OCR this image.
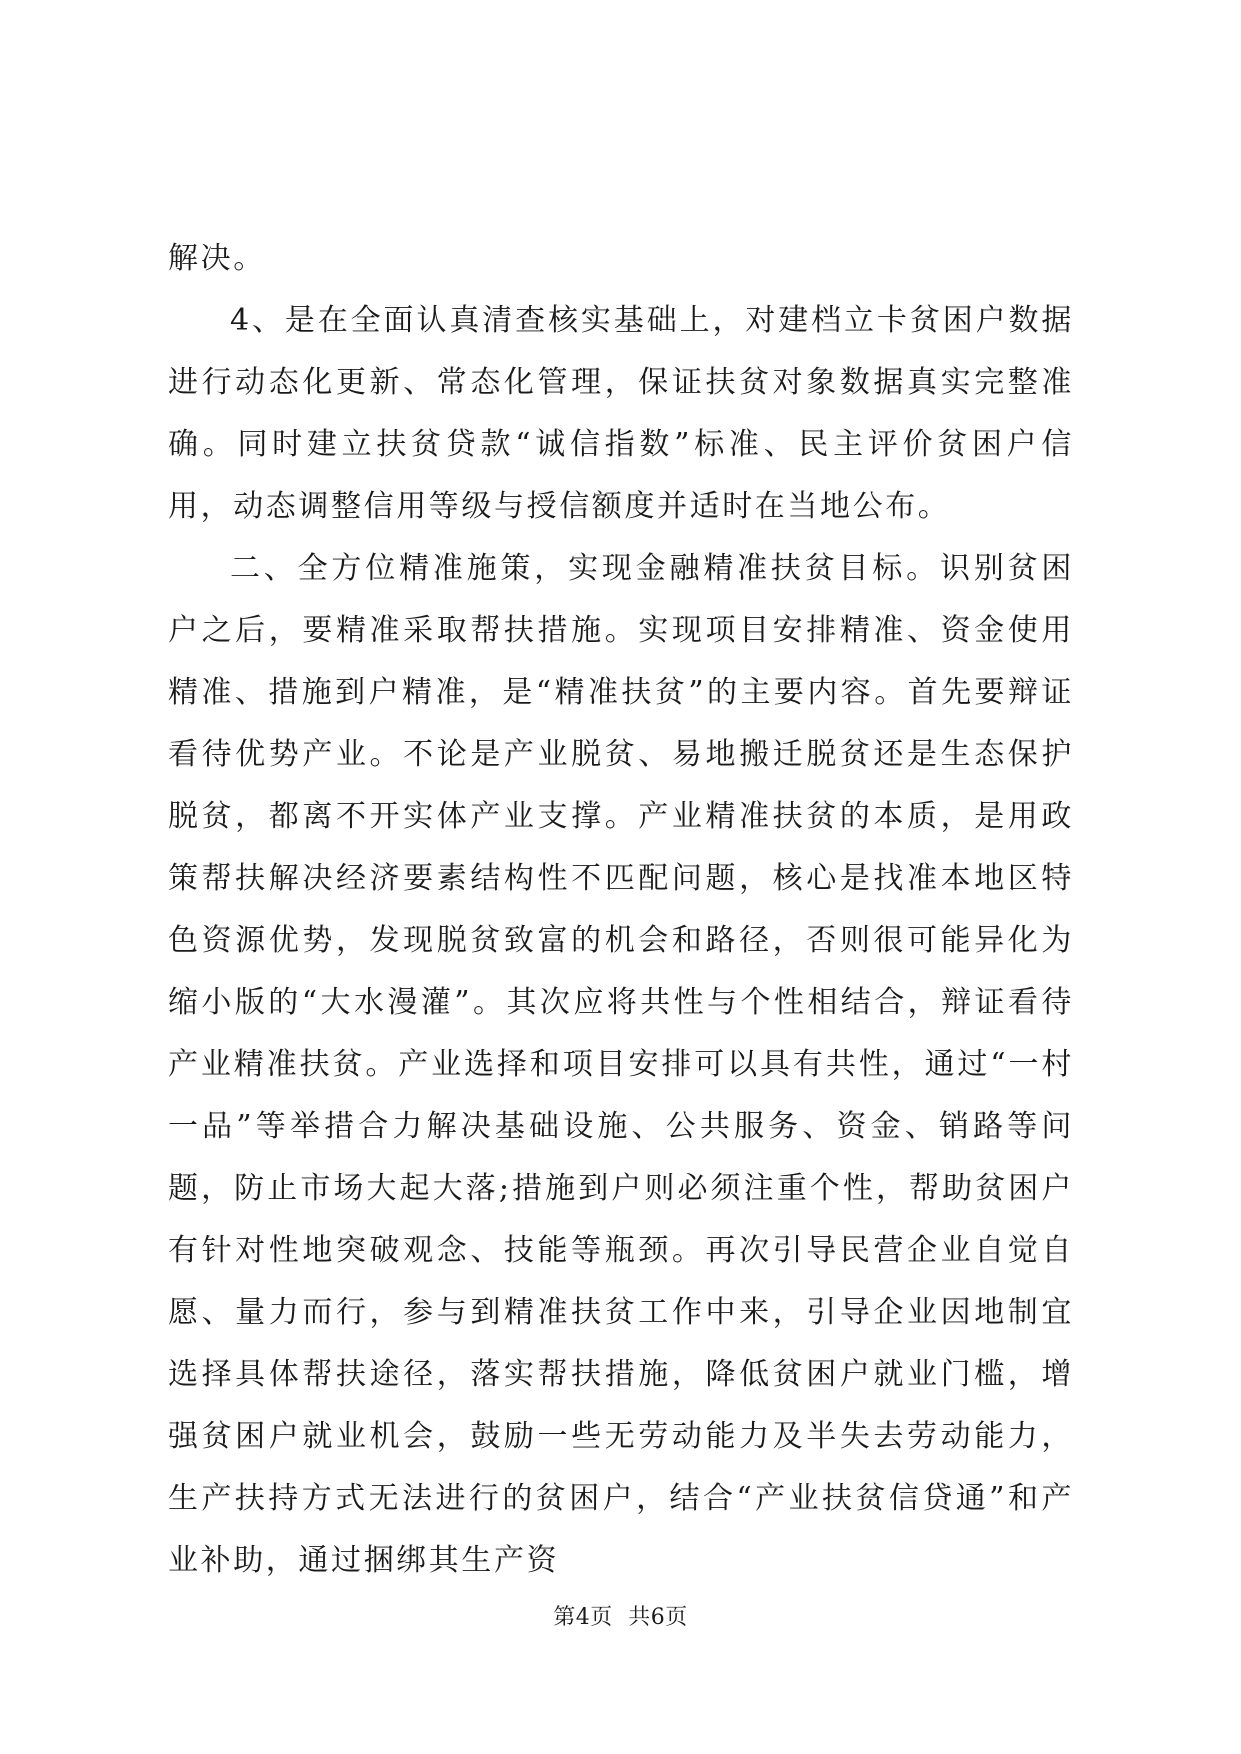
解决。

4、是在全面认真清查核实基础上，对建档立卡贫困户数据进行动态化更新、常态化管理，保证扶贫对象数据真实完整准确。同时建立扶贫贷款“诚信指数”标准、民主评价贫困户信用，动态调整信用等级与授信额度并适时在当地公布。

二、全方位精准施策，实现金融精准扶贫目标。识别贫困户之后，要精准采取帮扶措施。实现项目安排精准、资金使用精准、措施到户精准，是“精准扶贫”的主要内容。首先要辩证看待优势产业。不论是产业脱贫、易地搬迁脱贫还是生态保护脱贫，都离不开实体产业支撑。产业精准扶贫的本质，是用政策帮扶解决经济要素结构性不匹配问题，核心是找准本地区特色资源优势，发现脱贫致富的机会和路径，否则很可能异化为缩小版的“大水漫灌”。其次应将共性与个性相结合，辩证看待产业精准扶贫。产业选择和项目安排可以具有共性，通过“一村一品”等举措合力解决基础设施、公共服务、资金、销路等问题，防止市场大起大落;措施到户则必须注重个性，帮助贫困户有针对性地突破观念、技能等瓶颈。再次引导民营企业自觉自愿、量力而行，参与到精准扶贫工作中来，引导企业因地制宜选择具体帮扶途径，落实帮扶措施，降低贫困户就业门槛，增强贫困户就业机会，鼓励一些无劳动能力及半失去劳动能力，生产扶持方式无法进行的贫困户，结合“产业扶贫信贷通”和产业补助，通过捆绑其生产资

第4页 共6页
